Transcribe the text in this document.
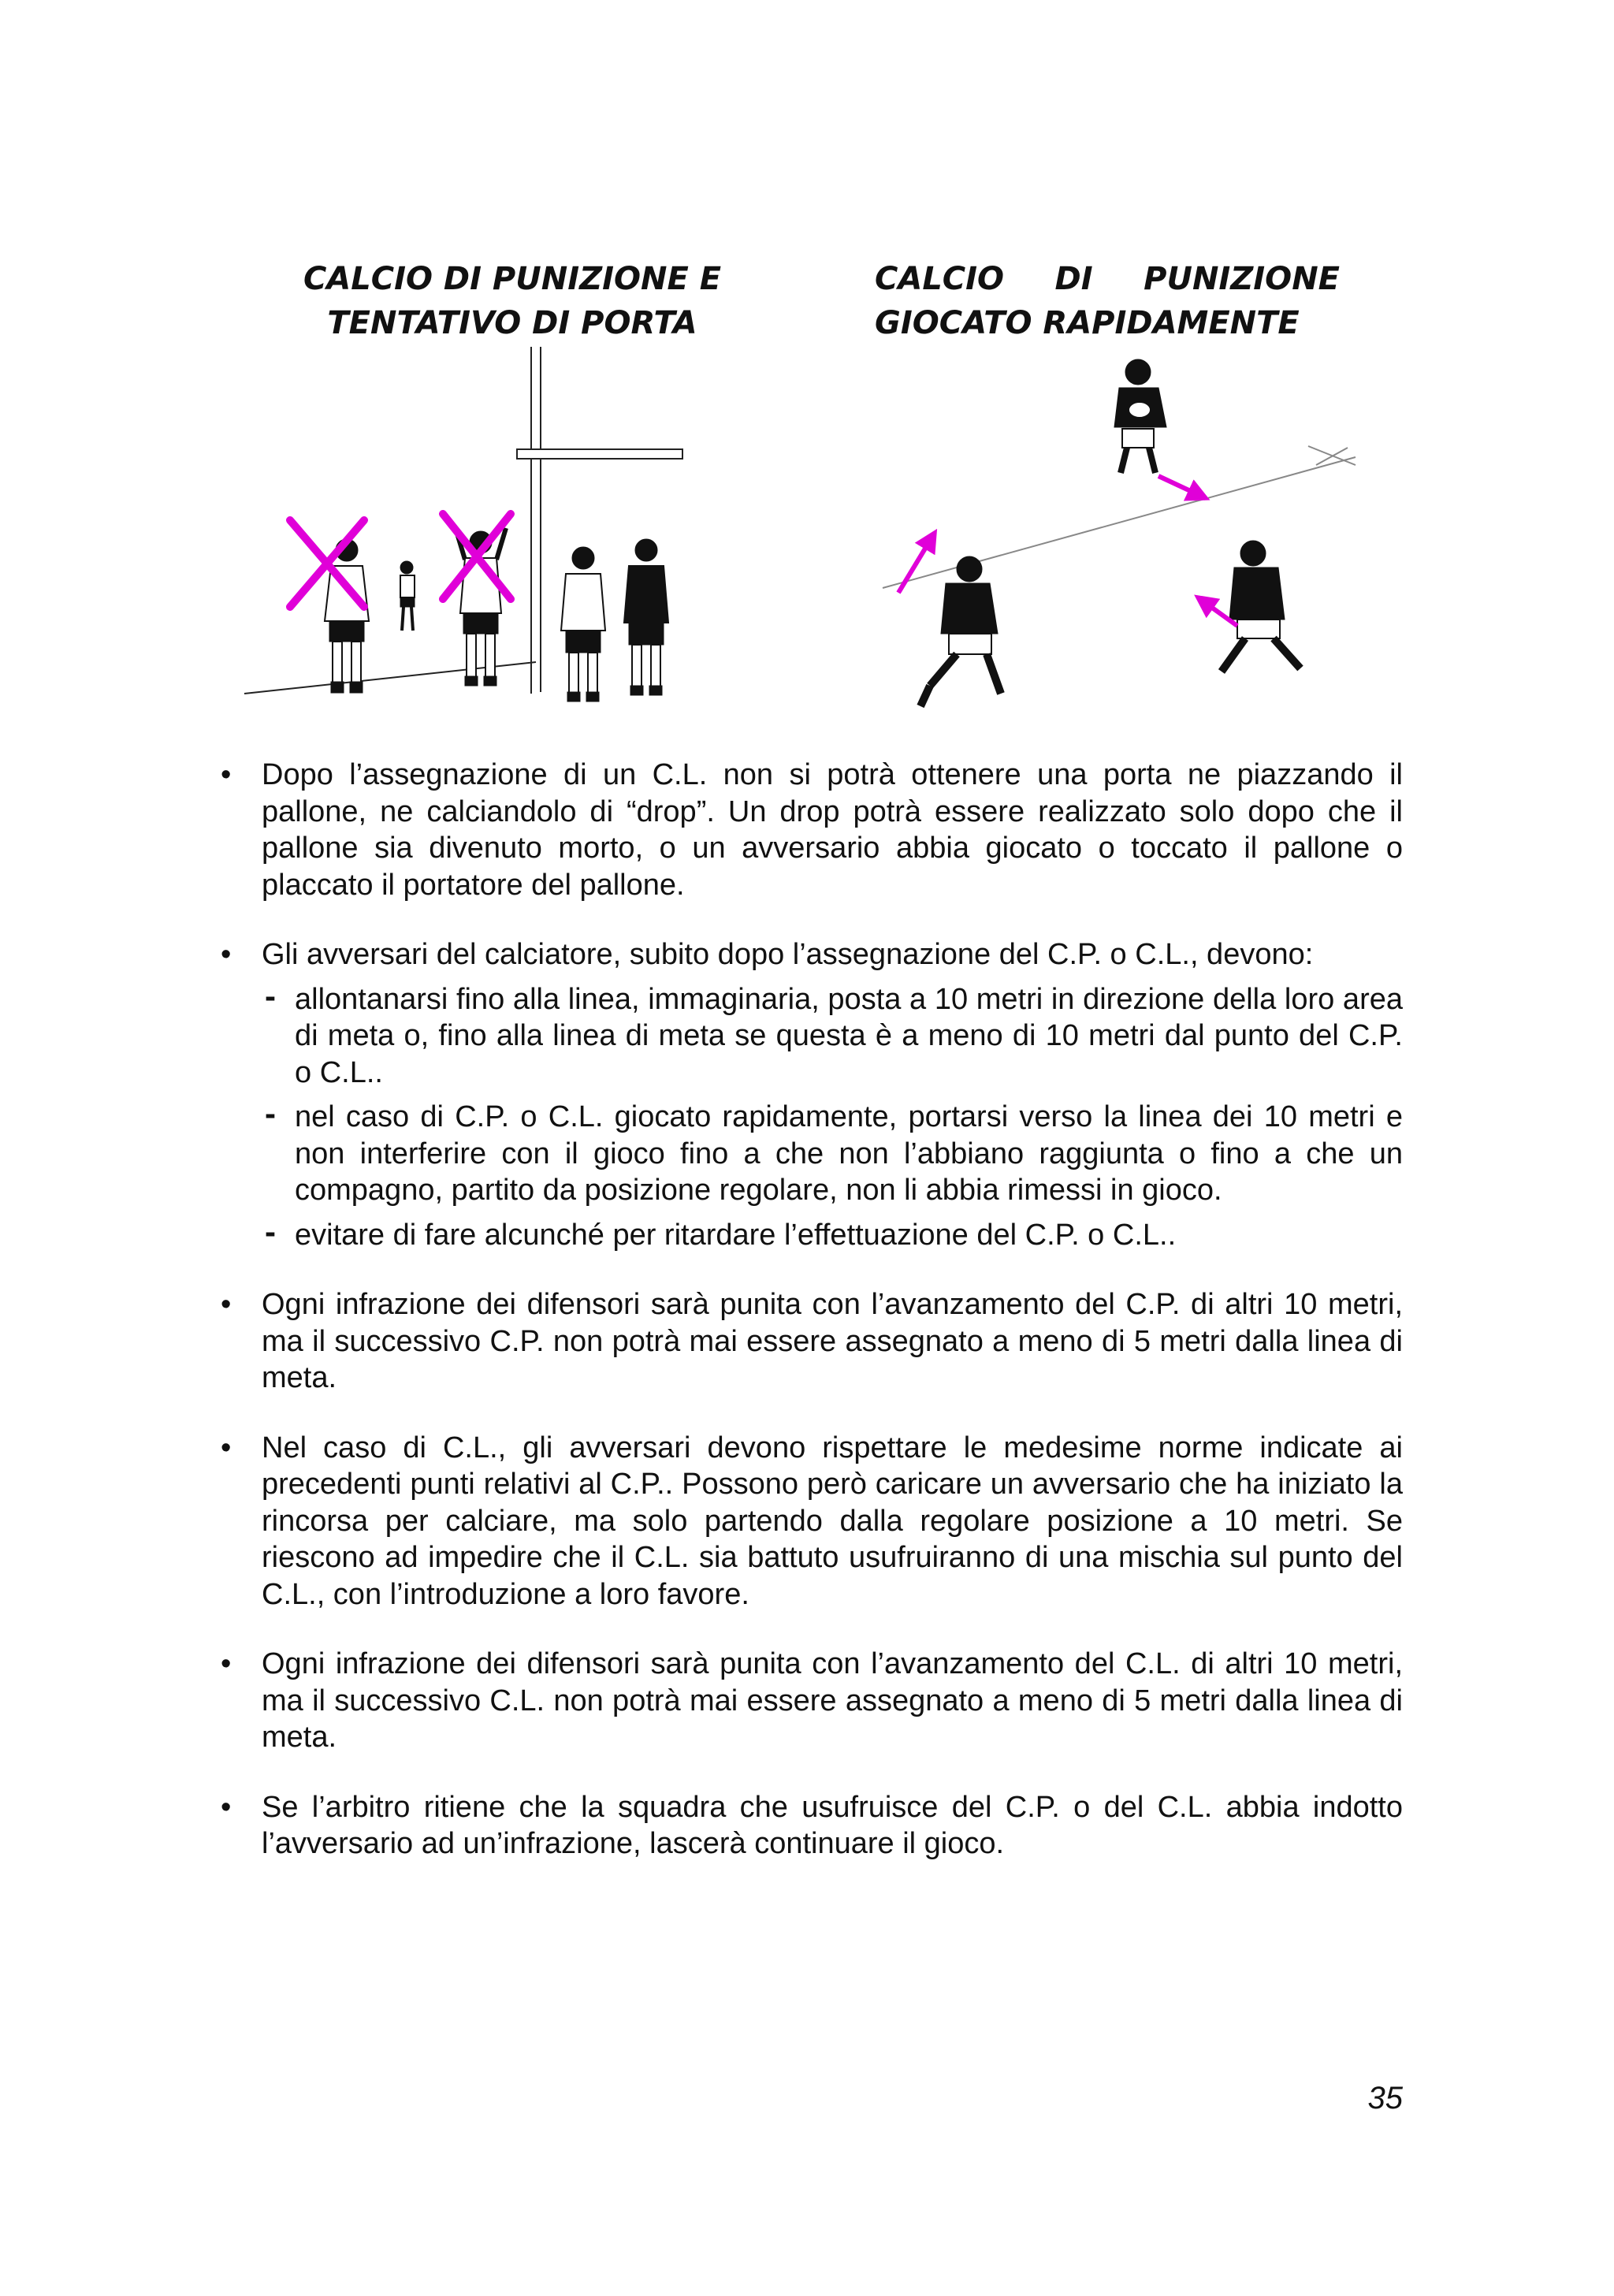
CALCIO DI PUNIZIONE E
TENTATIVO DI PORTA
CALCIO DI PUNIZIONE
GIOCATO RAPIDAMENTE
• Dopo l’assegnazione di un C.L. non si potrà ottenere una porta ne piazzando il pallone, ne calciandolo di “drop”. Un drop potrà essere realizzato solo dopo che il pallone sia divenuto morto, o un avversario abbia giocato o toccato il pallone o placcato il portatore del pallone.
• Gli avversari del calciatore, subito dopo l’assegnazione del C.P. o C.L., devono:
- allontanarsi fino alla linea, immaginaria, posta a 10 metri in direzione della loro area di meta o, fino alla linea di meta se questa è a meno di 10 metri dal punto del C.P. o C.L..
- nel caso di C.P. o C.L. giocato rapidamente, portarsi verso la linea dei 10 metri e non interferire con il gioco fino a che non l’abbiano raggiunta o fino a che un compagno, partito da posizione regolare, non li abbia rimessi in gioco.
- evitare di fare alcunché per ritardare l’effettuazione del C.P. o C.L..
• Ogni infrazione dei difensori sarà punita con l’avanzamento del C.P. di altri 10 metri, ma il successivo C.P. non potrà mai essere assegnato a meno di 5 metri dalla linea di meta.
• Nel caso di C.L., gli avversari devono rispettare le medesime norme indicate ai precedenti punti relativi al C.P.. Possono però caricare un avversario che ha iniziato la rincorsa per calciare, ma solo partendo dalla regolare posizione a 10 metri. Se riescono ad impedire che il C.L. sia battuto usufruiranno di una mischia sul punto del C.L., con l’introduzione a loro favore.
• Ogni infrazione dei difensori sarà punita con l’avanzamento del C.L. di altri 10 metri, ma il successivo C.L. non potrà mai essere assegnato a meno di 5 metri dalla linea di meta.
• Se l’arbitro ritiene che la squadra che usufruisce del C.P. o del C.L. abbia indotto l’avversario ad un’infrazione, lascerà continuare il gioco.
35
